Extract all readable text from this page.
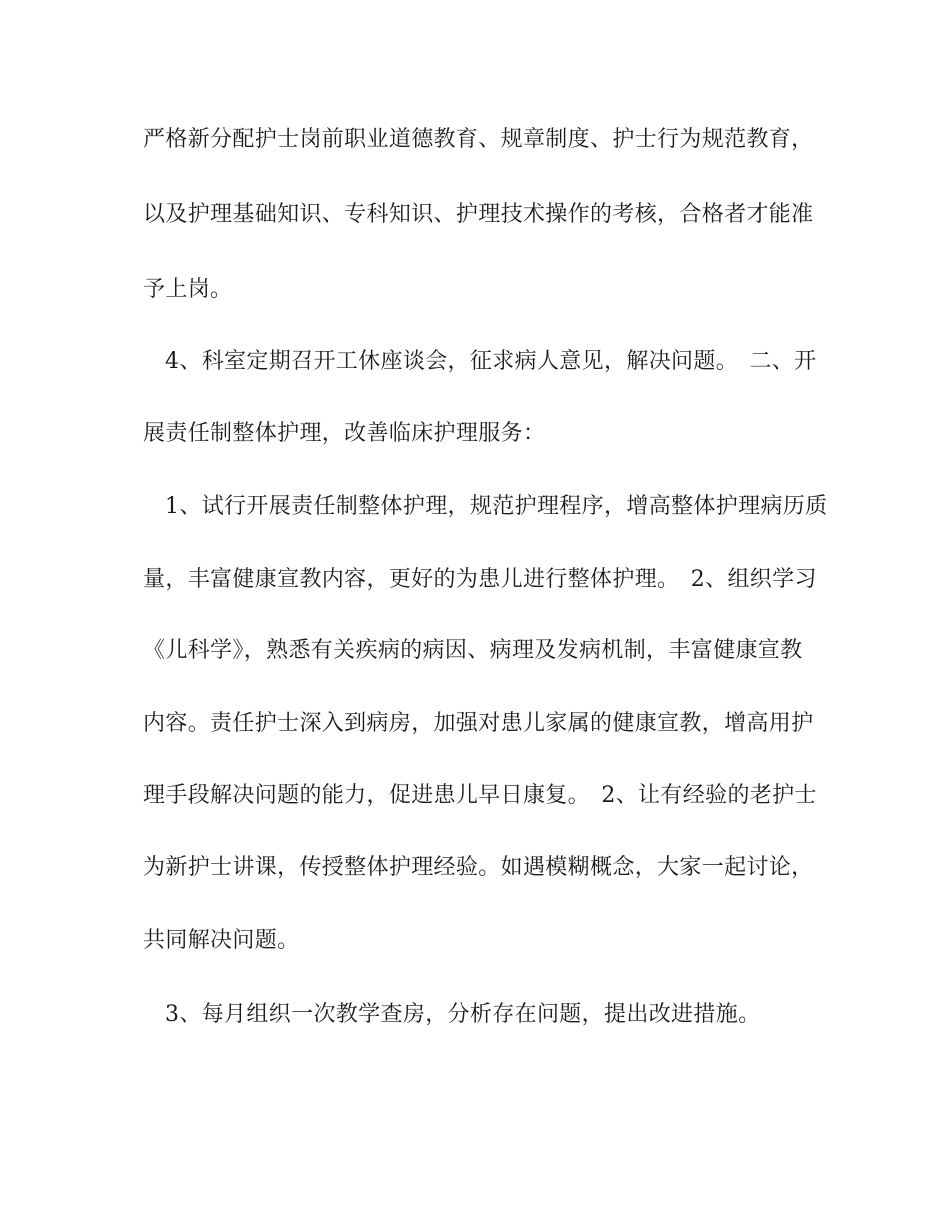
严格新分配护士岗前职业道德教育、规章制度、护士行为规范教育，
以及护理基础知识、专科知识、护理技术操作的考核，合格者才能准
予上岗。
4、科室定期召开工休座谈会，征求病人意见，解决问题。　二、开
展责任制整体护理，改善临床护理服务：
1、试行开展责任制整体护理，规范护理程序，增高整体护理病历质
量，丰富健康宣教内容，更好的为患儿进行整体护理。　2、组织学习
《儿科学》，熟悉有关疾病的病因、病理及发病机制，丰富健康宣教
内容。责任护士深入到病房，加强对患儿家属的健康宣教，增高用护
理手段解决问题的能力，促进患儿早日康复。　2、让有经验的老护士
为新护士讲课，传授整体护理经验。如遇模糊概念，大家一起讨论，
共同解决问题。
3、每月组织一次教学查房，分析存在问题，提出改进措施。
